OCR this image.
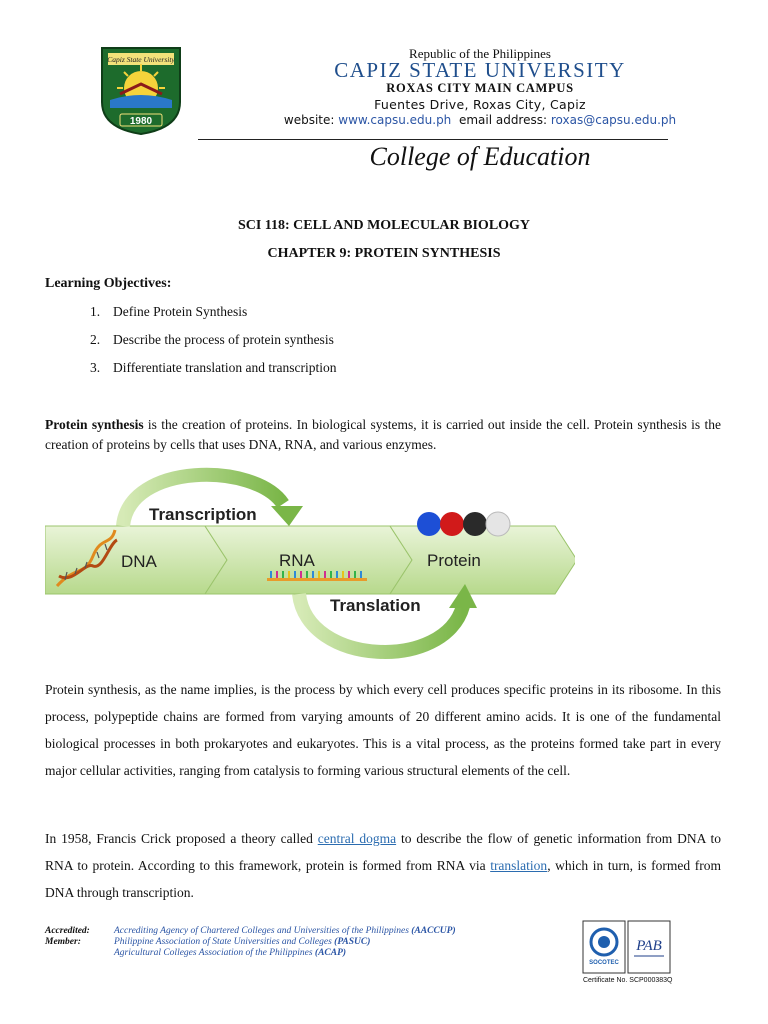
Capiz State University
1980
Republic of the Philippines
CAPIZ STATE UNIVERSITY
ROXAS CITY MAIN CAMPUS
Fuentes Drive, Roxas City, Capiz
website: www.capsu.edu.ph email address: roxas@capsu.edu.ph
College of Education
SCI 118: CELL AND MOLECULAR BIOLOGY
CHAPTER 9: PROTEIN SYNTHESIS
Learning Objectives:
1. Define Protein Synthesis
2. Describe the process of protein synthesis
3. Differentiate translation and transcription
Protein synthesis is the creation of proteins. In biological systems, it is carried out inside the cell. Protein synthesis is the creation of proteins by cells that uses DNA, RNA, and various enzymes.
Transcription
Translation
DNA	RNA	Protein
Protein synthesis, as the name implies, is the process by which every cell produces specific proteins in its ribosome. In this process, polypeptide chains are formed from varying amounts of 20 different amino acids. It is one of the fundamental biological processes in both prokaryotes and eukaryotes. This is a vital process, as the proteins formed take part in every major cellular activities, ranging from catalysis to forming various structural elements of the cell.
In 1958, Francis Crick proposed a theory called central dogma to describe the flow of genetic information from DNA to RNA to protein. According to this framework, protein is formed from RNA via translation, which in turn, is formed from DNA through transcription.
Accredited:
Member:
Accrediting Agency of Chartered Colleges and Universities of the Philippines (AACCUP)
Philippine Association of State Universities and Colleges (PASUC)
Agricultural Colleges Association of the Philippines (ACAP)
SOCOTEC
PAB
Certificate No. SCP000383Q
